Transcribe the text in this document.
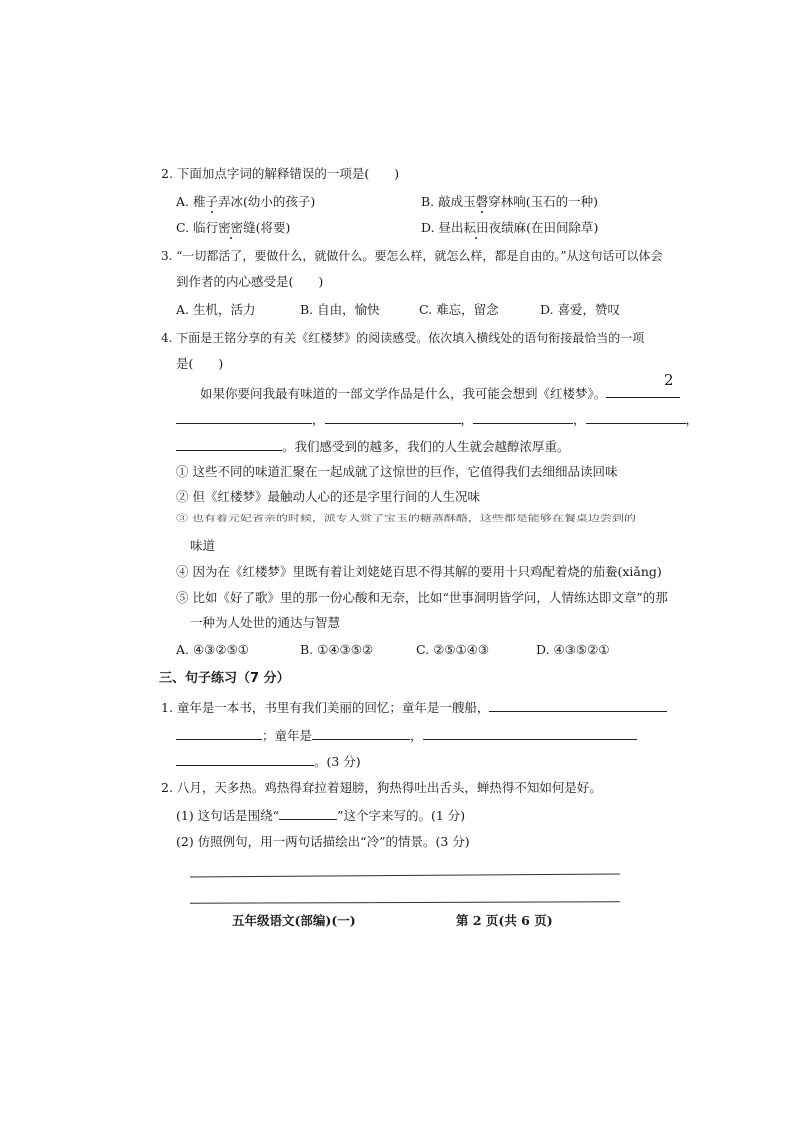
2. 下面加点字词的解释错误的一项是(　　)
A. 稚子弄冰(幼小的孩子)	B. 敲成玉磬穿林响(玉石的一种)
C. 临行密密缝(将要)	D. 昼出耘田夜绩麻(在田间除草)
3. “一切都活了，要做什么，就做什么。要怎么样，就怎么样，都是自由的。”从这句话可以体会
到作者的内心感受是(　　)
A. 生机，活力	B. 自由，愉快	C. 难忘，留念	D. 喜爱，赞叹
4. 下面是王铭分享的有关《红楼梦》的阅读感受。依次填入横线处的语句衔接最恰当的一项
是(　　)
如果你要问我最有味道的一部文学作品是什么，我可能会想到《红楼梦》。
，	，	，	，
。我们感受到的越多，我们的人生就会越醇浓厚重。
① 这些不同的味道汇聚在一起成就了这惊世的巨作，它值得我们去细细品读回味
② 但《红楼梦》最触动人心的还是字里行间的人生况味
③ 也有着元妃省亲的时候，派专人赏了宝玉的糖蒸酥酪，这些都是能够在餐桌边尝到的
味道
④ 因为在《红楼梦》里既有着让刘姥姥百思不得其解的要用十只鸡配着烧的茄鲞(xiǎng)
⑤ 比如《好了歌》里的那一份心酸和无奈，比如“世事洞明皆学问，人情练达即文章”的那
一种为人处世的通达与智慧
A. ④③②⑤①	B. ①④③⑤②	C. ②⑤①④③	D. ④③⑤②①
三、句子练习（7 分）
1. 童年是一本书，书里有我们美丽的回忆；童年是一艘船，
；童年是	，
。(3 分)
2. 八月，天多热。鸡热得耷拉着翅膀，狗热得吐出舌头，蝉热得不知如何是好。
(1) 这句话是围绕“	”这个字来写的。(1 分)
(2) 仿照例句，用一两句话描绘出“冷”的情景。(3 分)
2
五年级语文(部编)(一)	第 2 页(共 6 页)
